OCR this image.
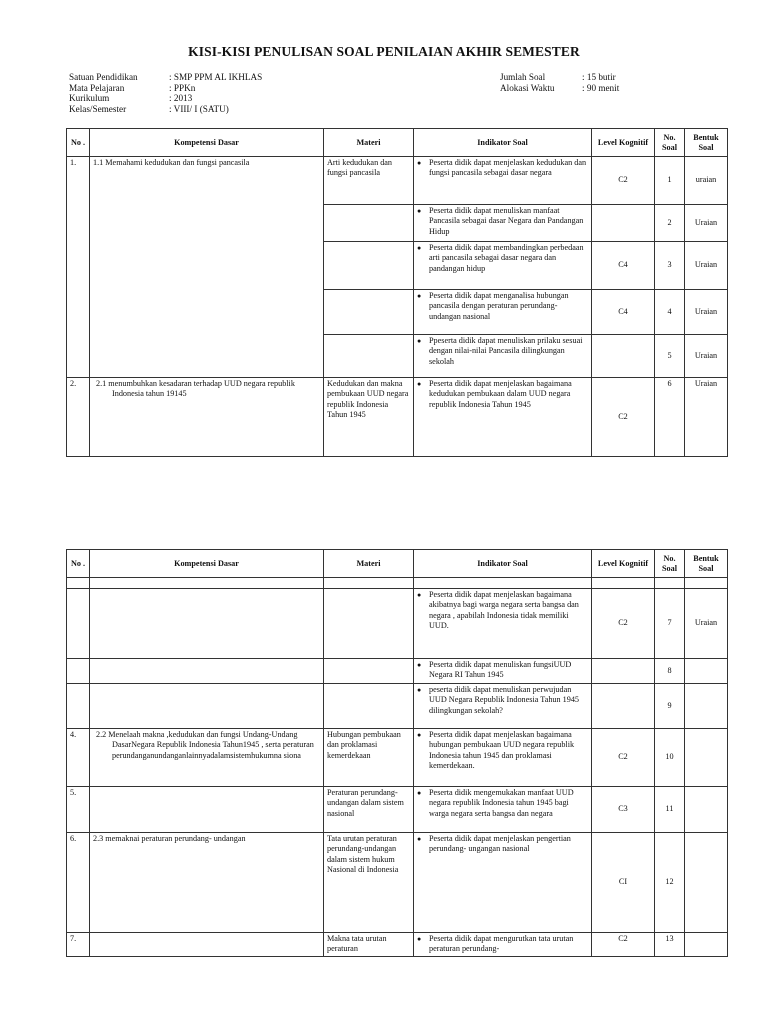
KISI-KISI PENULISAN SOAL PENILAIAN AKHIR SEMESTER
Satuan Pendidikan	: SMP PPM AL IKHLAS
Mata Pelajaran	: PPKn
Kurikulum	: 2013
Kelas/Semester	: VIII/ I (SATU)
Jumlah Soal	: 15 butir
Alokasi Waktu	: 90 menit
No .	Kompetensi Dasar	Materi	Indikator Soal	Level Kognitif	No. Soal	Bentuk Soal
1.	1.1 Memahami kedudukan dan fungsi pancasila	Arti kedudukan dan fungsi pancasila	● Peserta didik dapat menjelaskan kedudukan dan fungsi pancasila sebagai dasar negara	C2	1	uraian

			● Peserta didik dapat menuliskan manfaat Pancasila sebagai dasar Negara dan Pandangan Hidup		2	Uraian

			● Peserta didik dapat membandingkan perbedaan arti pancasila sebagai dasar negara dan pandangan hidup	C4	3	Uraian

			● Peserta didik dapat menganalisa hubungan pancasila dengan peraturan perundang-undangan nasional	C4	4	Uraian

			● Ppeserta didik dapat menuliskan prilaku sesuai dengan nilai-nilai Pancasila dilingkungan sekolah		5	Uraian
2.	2.1 menumbuhkan kesadaran terhadap UUD negara republik Indonesia tahun 19145	Kedudukan dan makna pembukaan UUD negara republik Indonesia Tahun 1945	● Peserta didik dapat menjelaskan bagaimana kedudukan pembukaan dalam UUD negara republik Indonesia Tahun 1945	C2	6	Uraian
No .	Kompetensi Dasar	Materi	Indikator Soal	Level Kognitif	No. Soal	Bentuk Soal

			● Peserta didik dapat menjelaskan bagaimana akibatnya bagi warga negara serta bangsa dan negara , apabilah Indonesia tidak memiliki UUD.	C2	7	Uraian

			● Peserta didik dapat menuliskan fungsiUUD Negara RI Tahun 1945		8	

			● peserta didik dapat menuliskan perwujudan UUD Negara Republik Indonesia Tahun 1945 dilingkungan sekolah?		9	
4.	2.2 Menelaah makna ,kedudukan dan fungsi Undang-Undang DasarNegara Republik Indonesia Tahun1945 , serta peraturan perundanganundanganlainnyadalamsistemhukumna siona	Hubungan pembukaan dan proklamasi kemerdekaan	● Peserta didik dapat menjelaskan bagaimana hubungan pembukaan UUD negara republik Indonesia tahun 1945 dan proklamasi kemerdekaan.	C2	10	
5.		Peraturan perundang-undangan dalam sistem nasional	● Peserta didik mengemukakan manfaat UUD negara republik Indonesia tahun 1945 bagi warga negara serta bangsa dan negara	C3	11	
6.	2.3 memaknai peraturan perundang- undangan	Tata urutan peraturan perundang-undangan dalam sistem hukum Nasional di Indonesia	● Peserta didik dapat menjelaskan pengertian perundang- ungangan nasional	CI	12	
7.		Makna tata urutan peraturan	● Peserta didik dapat mengurutkan tata urutan peraturan perundang-	C2	13	
